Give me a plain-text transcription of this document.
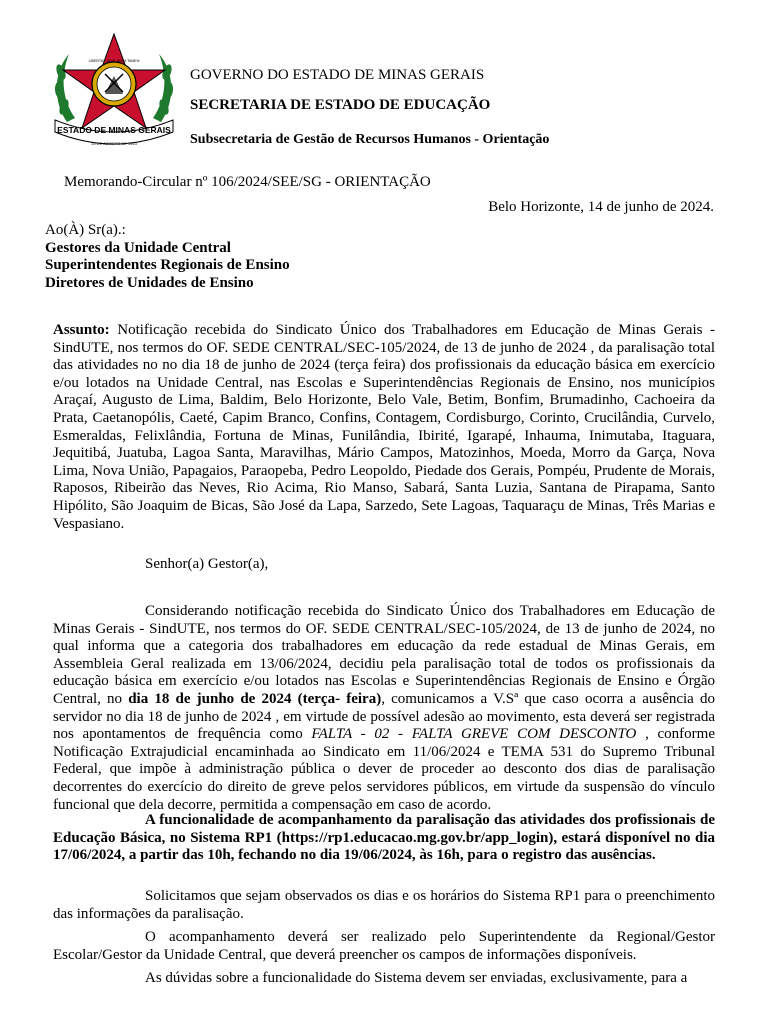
ESTADO DE MINAS GERAIS
LIBERTAS QUÆ SERA TAMEN
15 DE AGOSTO DE 1963
GOVERNO DO ESTADO DE MINAS GERAIS
SECRETARIA DE ESTADO DE EDUCAÇÃO
Subsecretaria de Gestão de Recursos Humanos - Orientação
Memorando-Circular nº 106/2024/SEE/SG - ORIENTAÇÃO
Belo Horizonte, 14 de junho de 2024.
Ao(À) Sr(a).:
Gestores da Unidade Central
Superintendentes Regionais de Ensino
Diretores de Unidades de Ensino

Assunto: Notificação recebida do Sindicato Único dos Trabalhadores em Educação de Minas Gerais - SindUTE, nos termos do OF. SEDE CENTRAL/SEC-105/2024, de 13 de junho de 2024 , da paralisação total das atividades no no dia 18 de junho de 2024 (terça feira) dos profissionais da educação básica em exercício e/ou lotados na Unidade Central, nas Escolas e Superintendências Regionais de Ensino, nos municípios Araçaí, Augusto de Lima, Baldim, Belo Horizonte, Belo Vale, Betim, Bonfim, Brumadinho, Cachoeira da Prata, Caetanopólis, Caeté, Capim Branco, Confins, Contagem, Cordisburgo, Corinto, Crucilândia, Curvelo, Esmeraldas, Felixlândia, Fortuna de Minas, Funilândia, Ibirité, Igarapé, Inhauma, Inimutaba, Itaguara, Jequitibá, Juatuba, Lagoa Santa, Maravilhas, Mário Campos, Matozinhos, Moeda, Morro da Garça, Nova Lima, Nova União, Papagaios, Paraopeba, Pedro Leopoldo, Piedade dos Gerais, Pompéu, Prudente de Morais, Raposos, Ribeirão das Neves, Rio Acima, Rio Manso, Sabará, Santa Luzia, Santana de Pirapama, Santo Hipólito, São Joaquim de Bicas, São José da Lapa, Sarzedo, Sete Lagoas, Taquaraçu de Minas, Três Marias e Vespasiano.

Senhor(a) Gestor(a),

Considerando notificação recebida do Sindicato Único dos Trabalhadores em Educação de Minas Gerais - SindUTE, nos termos do OF. SEDE CENTRAL/SEC-105/2024, de 13 de junho de 2024, no qual informa que a categoria dos trabalhadores em educação da rede estadual de Minas Gerais, em Assembleia Geral realizada em 13/06/2024, decidiu pela paralisação total de todos os profissionais da educação básica em exercício e/ou lotados nas Escolas e Superintendências Regionais de Ensino e Órgão Central, no dia 18 de junho de 2024 (terça- feira), comunicamos a V.Sª que caso ocorra a ausência do servidor no dia 18 de junho de 2024 , em virtude de possível adesão ao movimento, esta deverá ser registrada nos apontamentos de frequência como FALTA - 02 - FALTA GREVE COM DESCONTO , conforme Notificação Extrajudicial encaminhada ao Sindicato em 11/06/2024 e TEMA 531 do Supremo Tribunal Federal, que impõe à administração pública o dever de proceder ao desconto dos dias de paralisação decorrentes do exercício do direito de greve pelos servidores públicos, em virtude da suspensão do vínculo funcional que dela decorre, permitida a compensação em caso de acordo.

A funcionalidade de acompanhamento da paralisação das atividades dos profissionais de Educação Básica, no Sistema RP1 (https://rp1.educacao.mg.gov.br/app_login), estará disponível no dia 17/06/2024, a partir das 10h, fechando no dia 19/06/2024, às 16h, para o registro das ausências.

Solicitamos que sejam observados os dias e os horários do Sistema RP1 para o preenchimento das informações da paralisação.

O acompanhamento deverá ser realizado pelo Superintendente da Regional/Gestor Escolar/Gestor da Unidade Central, que deverá preencher os campos de informações disponíveis.

As dúvidas sobre a funcionalidade do Sistema devem ser enviadas, exclusivamente, para a
